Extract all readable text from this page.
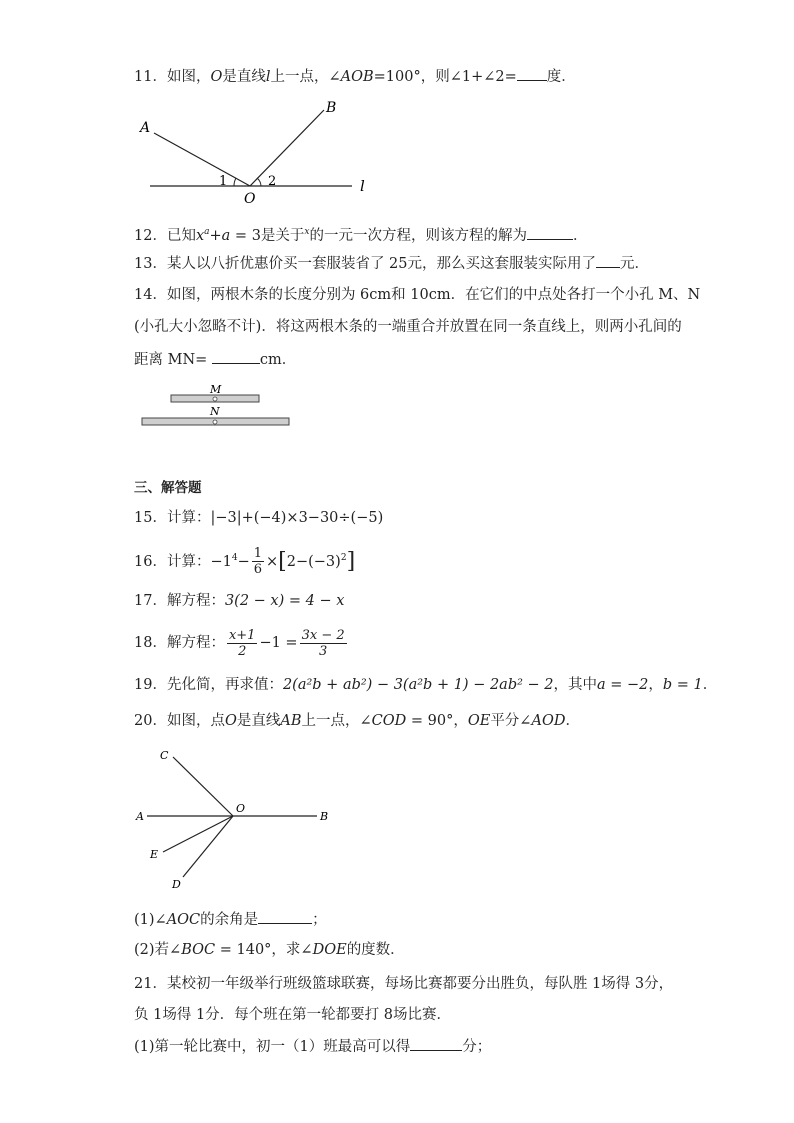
11．如图，O是直线l上一点，∠AOB=100°，则∠1+∠2= 度．
A
B
O
l
1	2
12．已知$x^a+a = 3$是关于$^x$的一元一次方程，则该方程的解为	．
13．某人以八折优惠价买一套服装省了 25元，那么买这套服装实际用了 元．
14．如图，两根木条的长度分别为 6cm和 10cm．在它们的中点处各打一个小孔 M、N
(小孔大小忽略不计)．将这两根木条的一端重合并放置在同一条直线上，则两小孔间的
距离 MN=	cm．
M
N
三、解答题
15．计算：|−3|+(−4)×3−30÷(−5)
16．计算：$-1^4- \frac{1}{6} \times[2-(-3)^2]$
17．解方程：3(2 − x) = 4 − x
18．解方程： $\frac{x+1}{2} -1 = \frac{3x - 2}{3}$
19．先化简，再求值：2(a²b + ab²) − 3(a²b + 1) − 2ab² − 2，其中a = −2，b = 1．
20．如图，点O是直线AB上一点，∠COD = 90°，OE平分∠AOD．
C
A	B
O
E
D
(1)∠AOC的余角是	；
(2)若∠BOC = 140°，求∠DOE的度数．
21．某校初一年级举行班级篮球联赛，每场比赛都要分出胜负，每队胜 1场得 3分，
负 1场得 1分．每个班在第一轮都要打 8场比赛．
(1)第一轮比赛中，初一（1）班最高可以得	分；
